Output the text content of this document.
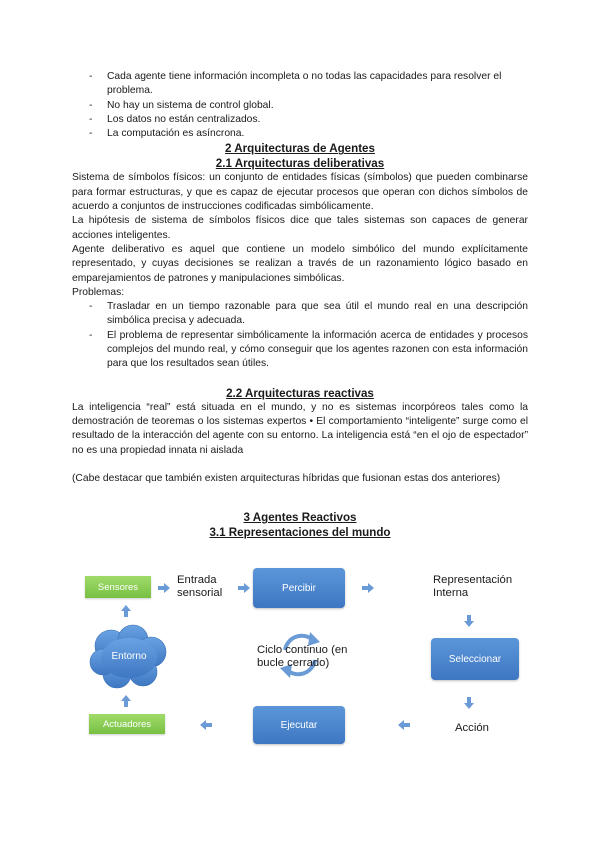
- Cada agente tiene información incompleta o no todas las capacidades para resolver el problema.
- No hay un sistema de control global.
- Los datos no están centralizados.
- La computación es asíncrona.
2 Arquitecturas de Agentes
2.1 Arquitecturas deliberativas

Sistema de símbolos físicos: un conjunto de entidades físicas (símbolos) que pueden combinarse para formar estructuras, y que es capaz de ejecutar procesos que operan con dichos símbolos de acuerdo a conjuntos de instrucciones codificadas simbólicamente.

La hipótesis de sistema de símbolos físicos dice que tales sistemas son capaces de generar acciones inteligentes.

Agente deliberativo es aquel que contiene un modelo simbólico del mundo explícitamente representado, y cuyas decisiones se realizan a través de un razonamiento lógico basado en emparejamientos de patrones y manipulaciones simbólicas.

Problemas:

- Trasladar en un tiempo razonable para que sea útil el mundo real en una descripción simbólica precisa y adecuada.
- El problema de representar simbólicamente la información acerca de entidades y procesos complejos del mundo real, y cómo conseguir que los agentes razonen con esta información para que los resultados sean útiles.
2.2 Arquitecturas reactivas

La inteligencia “real” está situada en el mundo, y no es sistemas incorpóreos tales como la demostración de teoremas o los sistemas expertos • El comportamiento “inteligente” surge como el resultado de la interacción del agente con su entorno. La inteligencia está “en el ojo de espectador” no es una propiedad innata ni aislada

(Cabe destacar que también existen arquitecturas híbridas que fusionan estas dos anteriores)

3 Agentes Reactivos
3.1 Representaciones del mundo
Sensores
Entrada sensorial	Percibir
Representación Interna
Entorno
Ciclo continuo (en bucle cerrado)	Seleccionar
Actuadores	Ejecutar	Acción
